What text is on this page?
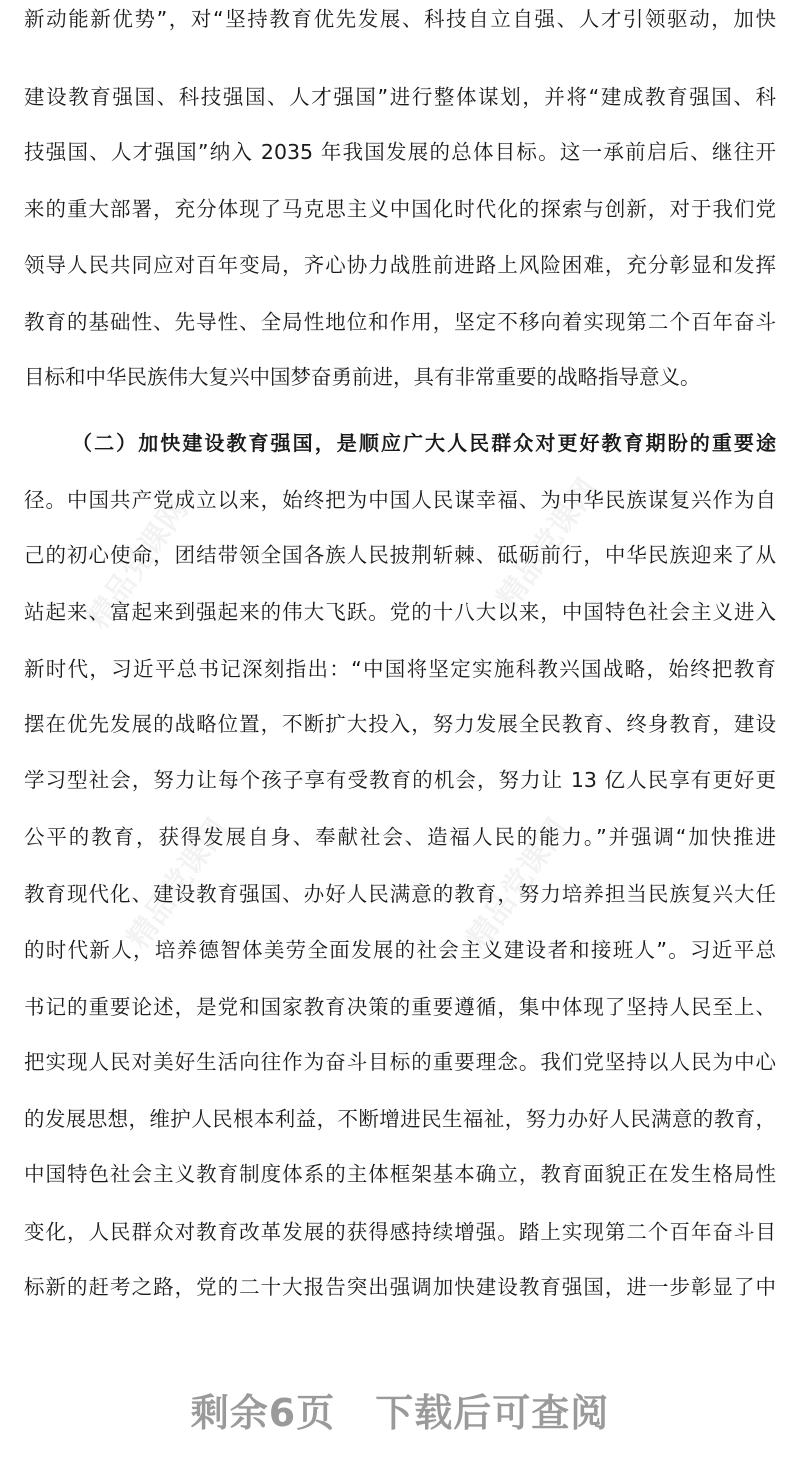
精品党课网	精品党课网
精品党课网	精品党课网
新动能新优势”，对“坚持教育优先发展、科技自立自强、人才引领驱动，加快
建设教育强国、科技强国、人才强国”进行整体谋划，并将“建成教育强国、科
技强国、人才强国”纳入 2035 年我国发展的总体目标。这一承前启后、继往开
来的重大部署，充分体现了马克思主义中国化时代化的探索与创新，对于我们党
领导人民共同应对百年变局，齐心协力战胜前进路上风险困难，充分彰显和发挥
教育的基础性、先导性、全局性地位和作用，坚定不移向着实现第二个百年奋斗
目标和中华民族伟大复兴中国梦奋勇前进，具有非常重要的战略指导意义。
（二）加快建设教育强国，是顺应广大人民群众对更好教育期盼的重要途
径。中国共产党成立以来，始终把为中国人民谋幸福、为中华民族谋复兴作为自
己的初心使命，团结带领全国各族人民披荆斩棘、砥砺前行，中华民族迎来了从
站起来、富起来到强起来的伟大飞跃。党的十八大以来，中国特色社会主义进入
新时代，习近平总书记深刻指出：“中国将坚定实施科教兴国战略，始终把教育
摆在优先发展的战略位置，不断扩大投入，努力发展全民教育、终身教育，建设
学习型社会，努力让每个孩子享有受教育的机会，努力让 13 亿人民享有更好更
公平的教育，获得发展自身、奉献社会、造福人民的能力。”并强调“加快推进
教育现代化、建设教育强国、办好人民满意的教育，努力培养担当民族复兴大任
的时代新人，培养德智体美劳全面发展的社会主义建设者和接班人”。习近平总
书记的重要论述，是党和国家教育决策的重要遵循，集中体现了坚持人民至上、
把实现人民对美好生活向往作为奋斗目标的重要理念。我们党坚持以人民为中心
的发展思想，维护人民根本利益，不断增进民生福祉，努力办好人民满意的教育，
中国特色社会主义教育制度体系的主体框架基本确立，教育面貌正在发生格局性
变化，人民群众对教育改革发展的获得感持续增强。踏上实现第二个百年奋斗目
标新的赶考之路，党的二十大报告突出强调加快建设教育强国，进一步彰显了中
剩余6页 下载后可查阅
